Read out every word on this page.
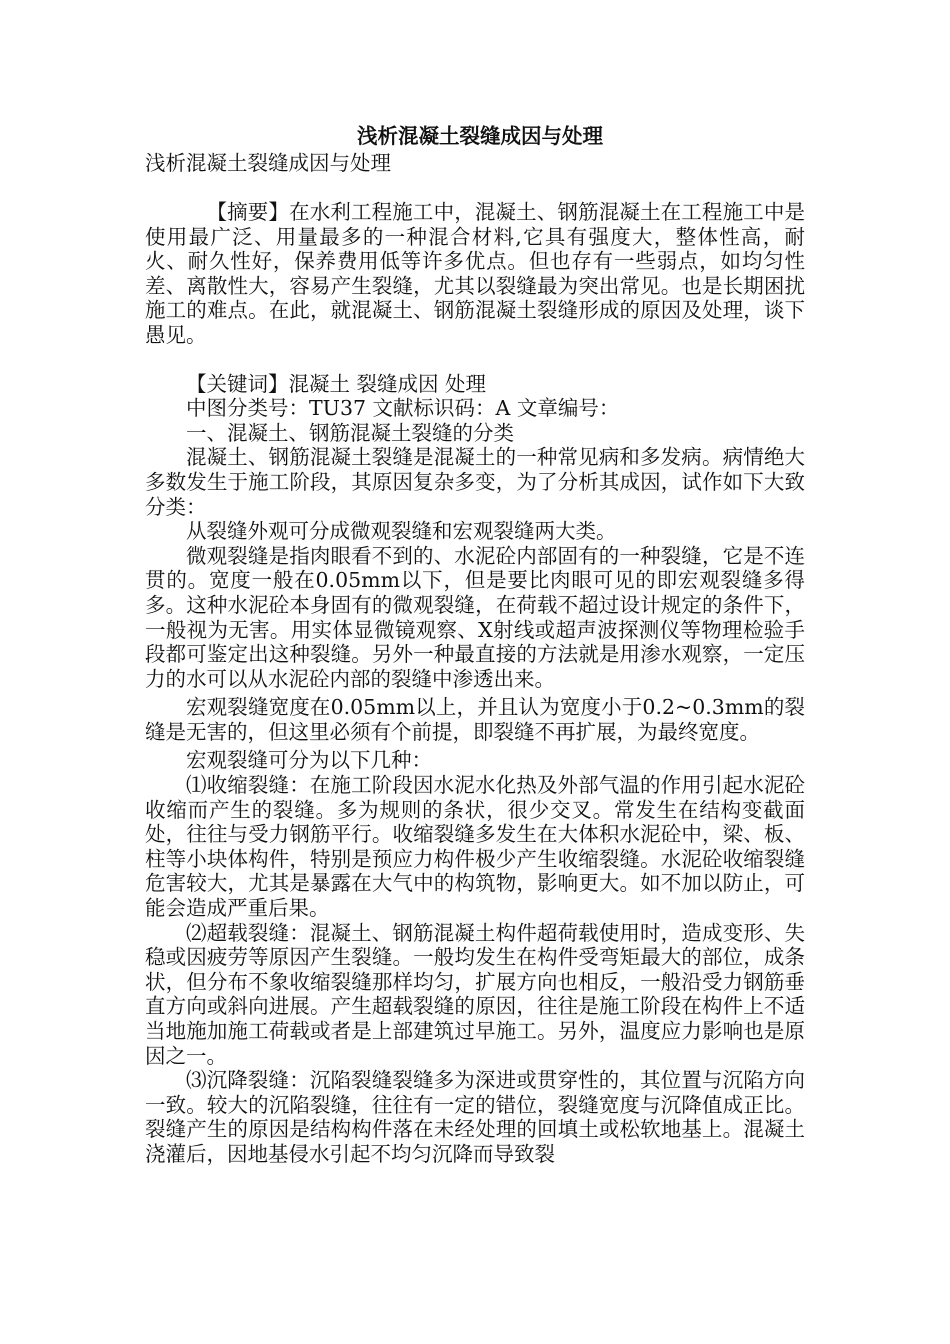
浅析混凝土裂缝成因与处理

浅析混凝土裂缝成因与处理

【摘要】在水利工程施工中，混凝土、钢筋混凝土在工程施工中是使用最广泛、用量最多的一种混合材料,它具有强度大，整体性高，耐火、耐久性好，保养费用低等许多优点。但也存有一些弱点，如均匀性差、离散性大，容易产生裂缝，尤其以裂缝最为突出常见。也是长期困扰施工的难点。在此，就混凝土、钢筋混凝土裂缝形成的原因及处理，谈下愚见。

【关键词】混凝土 裂缝成因 处理

中图分类号：TU37 文献标识码：A 文章编号：

一、混凝土、钢筋混凝土裂缝的分类

混凝土、钢筋混凝土裂缝是混凝土的一种常见病和多发病。病情绝大多数发生于施工阶段，其原因复杂多变，为了分析其成因，试作如下大致分类：

从裂缝外观可分成微观裂缝和宏观裂缝两大类。

微观裂缝是指肉眼看不到的、水泥砼内部固有的一种裂缝，它是不连贯的。宽度一般在0.05mm以下，但是要比肉眼可见的即宏观裂缝多得多。这种水泥砼本身固有的微观裂缝，在荷载不超过设计规定的条件下，一般视为无害。用实体显微镜观察、X射线或超声波探测仪等物理检验手段都可鉴定出这种裂缝。另外一种最直接的方法就是用渗水观察，一定压力的水可以从水泥砼内部的裂缝中渗透出来。

宏观裂缝宽度在0.05mm以上，并且认为宽度小于0.2~0.3mm的裂缝是无害的，但这里必须有个前提，即裂缝不再扩展，为最终宽度。

宏观裂缝可分为以下几种：

⑴收缩裂缝：在施工阶段因水泥水化热及外部气温的作用引起水泥砼收缩而产生的裂缝。多为规则的条状，很少交叉。常发生在结构变截面处，往往与受力钢筋平行。收缩裂缝多发生在大体积水泥砼中，梁、板、柱等小块体构件，特别是预应力构件极少产生收缩裂缝。水泥砼收缩裂缝危害较大，尤其是暴露在大气中的构筑物，影响更大。如不加以防止，可能会造成严重后果。

⑵超载裂缝：混凝土、钢筋混凝土构件超荷载使用时，造成变形、失稳或因疲劳等原因产生裂缝。一般均发生在构件受弯矩最大的部位，成条状，但分布不象收缩裂缝那样均匀，扩展方向也相反，一般沿受力钢筋垂直方向或斜向进展。产生超载裂缝的原因，往往是施工阶段在构件上不适当地施加施工荷载或者是上部建筑过早施工。另外，温度应力影响也是原因之一。

⑶沉降裂缝：沉陷裂缝裂缝多为深进或贯穿性的，其位置与沉陷方向一致。较大的沉陷裂缝，往往有一定的错位，裂缝宽度与沉降值成正比。裂缝产生的原因是结构构件落在未经处理的回填土或松软地基上。混凝土浇灌后，因地基侵水引起不均匀沉降而导致裂
